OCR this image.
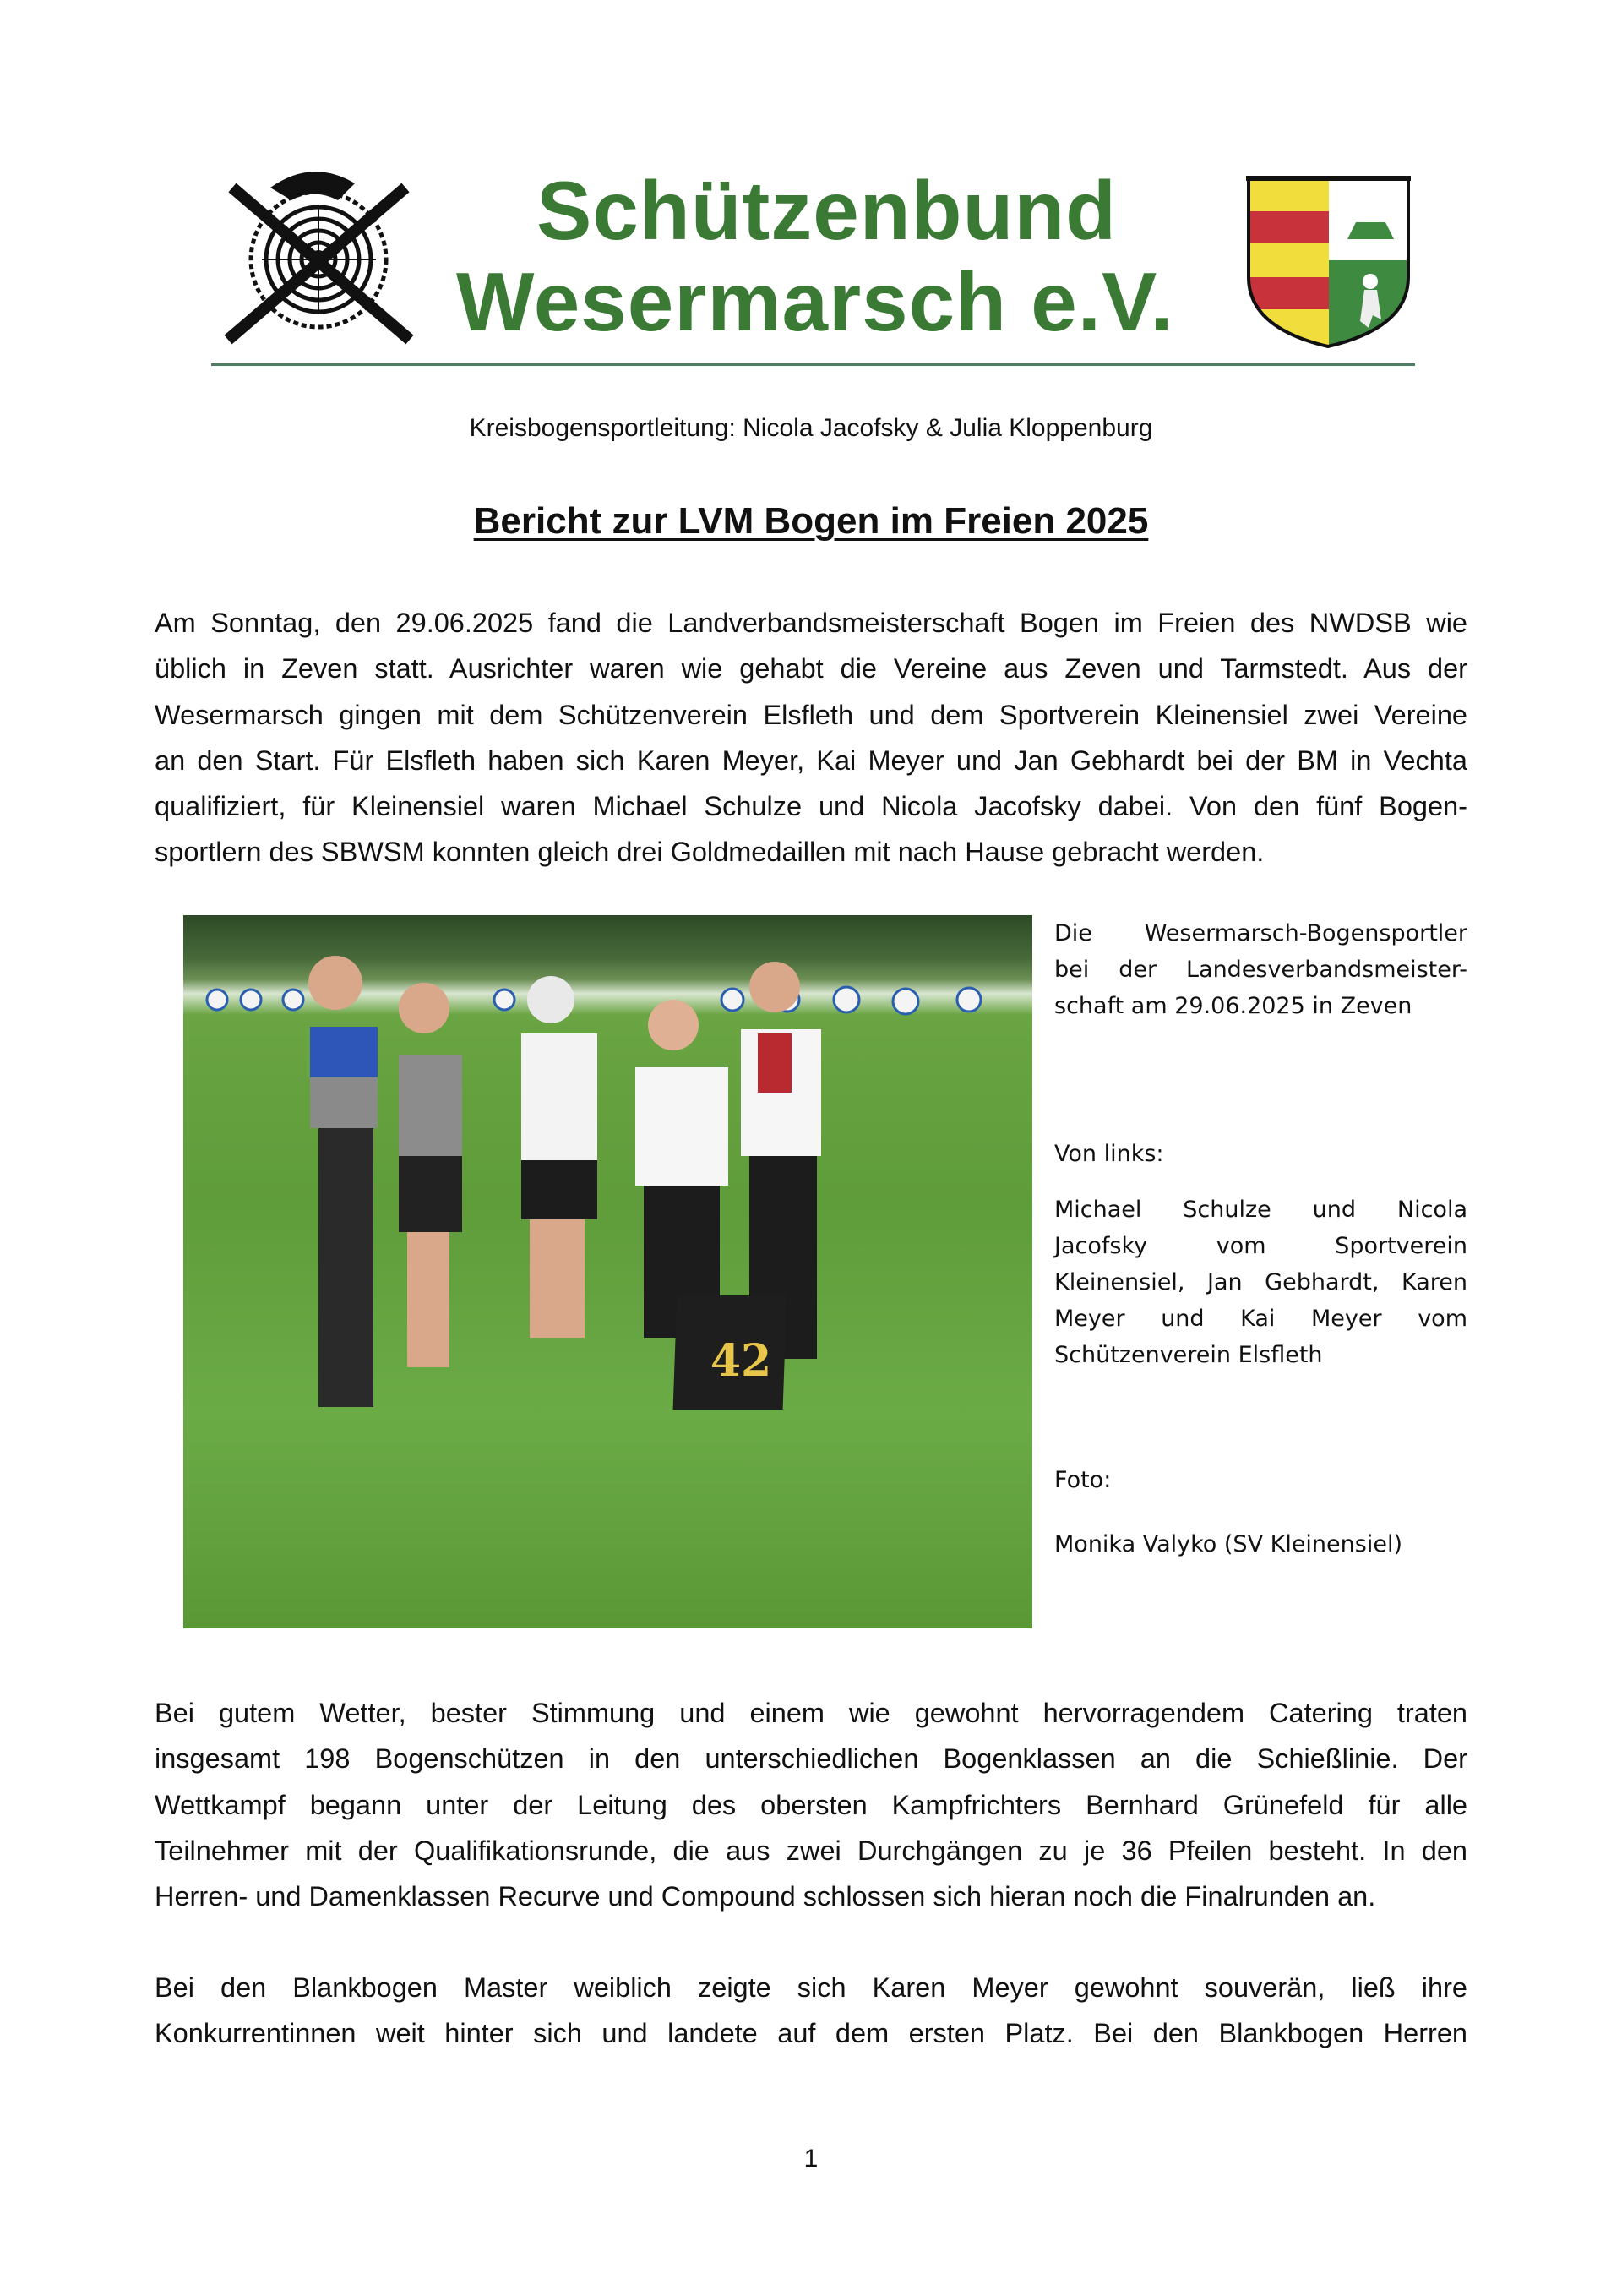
Schützenbund
Wesermarsch e.V.
Kreisbogensportleitung: Nicola Jacofsky & Julia Kloppenburg
Bericht zur LVM Bogen im Freien 2025
Am Sonntag, den 29.06.2025 fand die Landverbandsmeisterschaft Bogen im Freien des NWDSB wie
üblich in Zeven statt. Ausrichter waren wie gehabt die Vereine aus Zeven und Tarmstedt. Aus der
Wesermarsch gingen mit dem Schützenverein Elsfleth und dem Sportverein Kleinensiel zwei Vereine
an den Start. Für Elsfleth haben sich Karen Meyer, Kai Meyer und Jan Gebhardt bei der BM in Vechta
qualifiziert, für Kleinensiel waren Michael Schulze und Nicola Jacofsky dabei. Von den fünf Bogen-
sportlern des SBWSM konnten gleich drei Goldmedaillen mit nach Hause gebracht werden.
42
Die Wesermarsch-Bogensportler
bei der Landesverbandsmeister-
schaft am 29.06.2025 in Zeven
Von links:
Michael Schulze und Nicola
Jacofsky vom Sportverein
Kleinensiel, Jan Gebhardt, Karen
Meyer und Kai Meyer vom
Schützenverein Elsfleth
Foto:
Monika Valyko (SV Kleinensiel)
Bei gutem Wetter, bester Stimmung und einem wie gewohnt hervorragendem Catering traten
insgesamt 198 Bogenschützen in den unterschiedlichen Bogenklassen an die Schießlinie. Der
Wettkampf begann unter der Leitung des obersten Kampfrichters Bernhard Grünefeld für alle
Teilnehmer mit der Qualifikationsrunde, die aus zwei Durchgängen zu je 36 Pfeilen besteht. In den
Herren- und Damenklassen Recurve und Compound schlossen sich hieran noch die Finalrunden an.
Bei den Blankbogen Master weiblich zeigte sich Karen Meyer gewohnt souverän, ließ ihre
Konkurrentinnen weit hinter sich und landete auf dem ersten Platz. Bei den Blankbogen Herren
1
